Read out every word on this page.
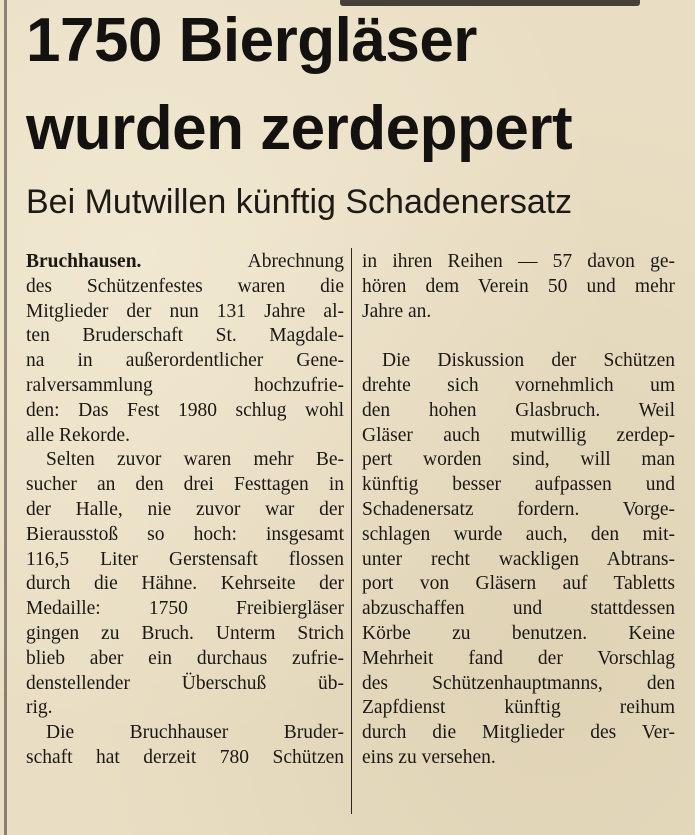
1750 Biergläser
wurden zerdeppert
Bei Mutwillen künftig Schadenersatz
Bruchhausen.	Abrechnung
des Schützenfestes waren die
Mitglieder der nun 131 Jahre al-
ten Bruderschaft St. Magdale-
na in außerordentlicher Gene-
ralversammlung hochzufrie-
den: Das Fest 1980 schlug wohl
alle Rekorde.
Selten zuvor waren mehr Be-
sucher an den drei Festtagen in
der Halle, nie zuvor war der
Bierausstoß so hoch: insgesamt
116,5 Liter Gerstensaft flossen
durch die Hähne. Kehrseite der
Medaille: 1750 Freibiergläser
gingen zu Bruch. Unterm Strich
blieb aber ein durchaus zufrie-
denstellender Überschuß üb-
rig.
Die Bruchhauser Bruder-
schaft hat derzeit 780 Schützen
in ihren Reihen — 57 davon ge-
hören dem Verein 50 und mehr
Jahre an.
Die Diskussion der Schützen
drehte sich vornehmlich um
den hohen Glasbruch. Weil
Gläser auch mutwillig zerdep-
pert worden sind, will man
künftig besser aufpassen und
Schadenersatz fordern. Vorge-
schlagen wurde auch, den mit-
unter recht wackligen Abtrans-
port von Gläsern auf Tabletts
abzuschaffen und stattdessen
Körbe zu benutzen. Keine
Mehrheit fand der Vorschlag
des Schützenhauptmanns, den
Zapfdienst künftig reihum
durch die Mitglieder des Ver-
eins zu versehen.
